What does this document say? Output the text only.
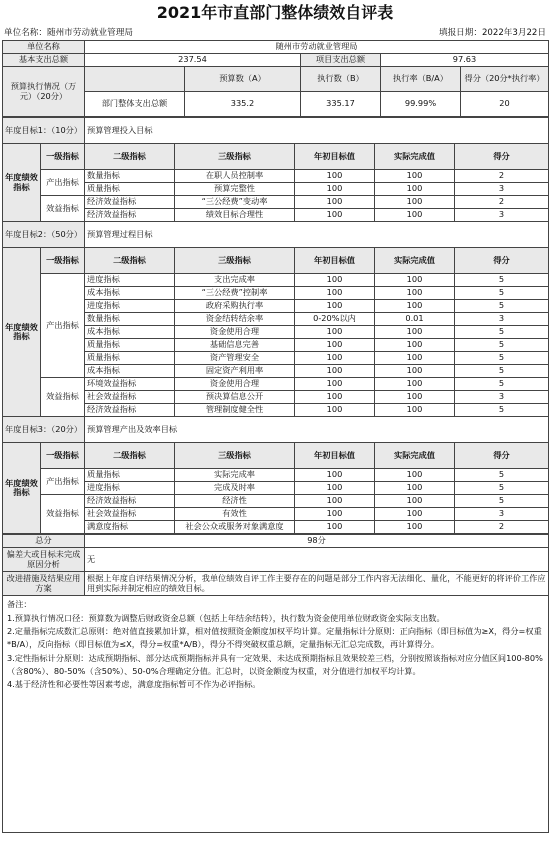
2021年市直部门整体绩效自评表
单位名称：随州市劳动就业管理局	填报日期：2022年3月22日
单位名称	随州市劳动就业管理局				
基本支出总额	237.54		项目支出总额	97.63	
预算执行情况（万元）（20分）		预算数（A）	执行数（B）	执行率（B/A）	得分（20分*执行率）
	部门整体支出总额	335.2	335.17	99.99%	20
年度目标1：（10分）		预算管理投入目标				
年度绩效指标	一级指标	二级指标	三级指标	年初目标值	实际完成值	得分
	产出指标	数量指标	在职人员控制率	100	100	2
		质量指标	预算完整性	100	100	3
	效益指标	经济效益指标	“三公经费”变动率	100	100	2
		经济效益指标	绩效目标合理性	100	100	3
年度目标2：（50分）		预算管理过程目标				
年度绩效指标	一级指标	二级指标	三级指标	年初目标值	实际完成值	得分
	产出指标	进度指标	支出完成率	100	100	5
		成本指标	“三公经费”控制率	100	100	5
		进度指标	政府采购执行率	100	100	5
		数量指标	资金结转结余率	0-20%以内	0.01	3
		成本指标	资金使用合理	100	100	5
		质量指标	基础信息完善	100	100	5
		质量指标	资产管理安全	100	100	5
		成本指标	固定资产利用率	100	100	5
	效益指标	环境效益指标	资金使用合理	100	100	5
		社会效益指标	预决算信息公开	100	100	3
		经济效益指标	管理制度健全性	100	100	5
年度目标3：（20分）		预算管理产出及效率目标				
年度绩效指标	一级指标	二级指标	三级指标	年初目标值	实际完成值	得分
	产出指标	质量指标	实际完成率	100	100	5
		进度指标	完成及时率	100	100	5
	效益指标	经济效益指标	经济性	100	100	5
		社会效益指标	有效性	100	100	3
		满意度指标	社会公众或服务对象满意度	100	100	2
总分	98分
偏差大或目标未完成原因分析	无
改进措施及结果应用方案	根据上年度自评结果情况分析，我单位绩效自评工作主要存在的问题是部分工作内容无法细化、量化，不能更好的将评价工作应用到实际并制定相应的绩效目标。

备注：

1.预算执行情况口径：预算数为调整后财政资金总额（包括上年结余结转），执行数为资金使用单位财政资金实际支出数。

2.定量指标完成数汇总原则：绝对值直接累加计算，相对值按照资金额度加权平均计算。定量指标计分原则：正向指标（即目标值为≥X，得分=权重*B/A），反向指标（即目标值为≤X，得分=权重*A/B），得分不得突破权重总额，定量指标无汇总完成数，再计算得分。

3.定性指标计分原则：达成预期指标、部分达成预期指标并具有一定效果、未达成预期指标且效果较差三档，分别按照该指标对应分值区间100-80%（含80%）、80-50%（含50%）、50-0%合理确定分值。汇总时，以资金额度为权重，对分值进行加权平均计算。

4.基于经济性和必要性等因素考虑，满意度指标暂可不作为必评指标。	
